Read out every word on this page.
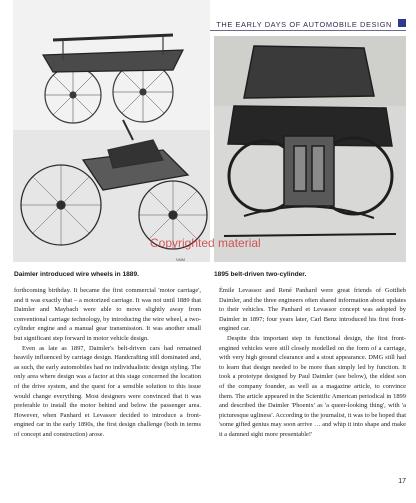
THE EARLY DAYS OF AUTOMOBILE DESIGN
Copyrighted material
NMM
Daimler introduced wire wheels in 1889.	1895 belt-driven two-cylinder.

forthcoming birthday. It became the first commercial 'motor carriage', and it was exactly that – a motorized carriage. It was not until 1889 that Daimler and Maybach were able to move slightly away from conventional carriage technology, by introducing the wire wheel, a two-cylinder engine and a manual gear transmission. It was another small but significant step forward in motor vehicle design.

Even as late as 1897, Daimler's belt-driven cars had remained heavily influenced by carriage design. Handcrafting still dominated and, as such, the early automobiles had no individualistic design styling. The only area where design was a factor at this stage concerned the location of the drive system, and the quest for a sensible solution to this issue would change everything. Most designers were convinced that it was preferable to install the motor behind and below the passenger area. However, when Panhard et Levassor decided to introduce a front-engined car in the early 1890s, the first design challenge (both in terms of concept and construction) arose.

Émile Levassor and René Panhard were great friends of Gottlieb Daimler, and the three engineers often shared information about updates to their vehicles. The Panhard et Levassor concept was adopted by Daimler in 1897; four years later, Carl Benz introduced his first front-engined car.

Despite this important step in functional design, the first front-engined vehicles were still closely modelled on the form of a carriage, with very high ground clearance and a stout appearance. DMG still had to learn that design needed to be more than simply led by function. It took a prototype designed by Paul Daimler (see below), the eldest son of the company founder, as well as a magazine article, to convince them. The article appeared in the Scientific American periodical in 1899 and described the Daimler 'Phoenix' as 'a queer-looking thing', with 'a picturesque ugliness'. According to the journalist, it was to be hoped that 'some gifted genius may soon arrive … and whip it into shape and make it a damned sight more presentable!'

17
